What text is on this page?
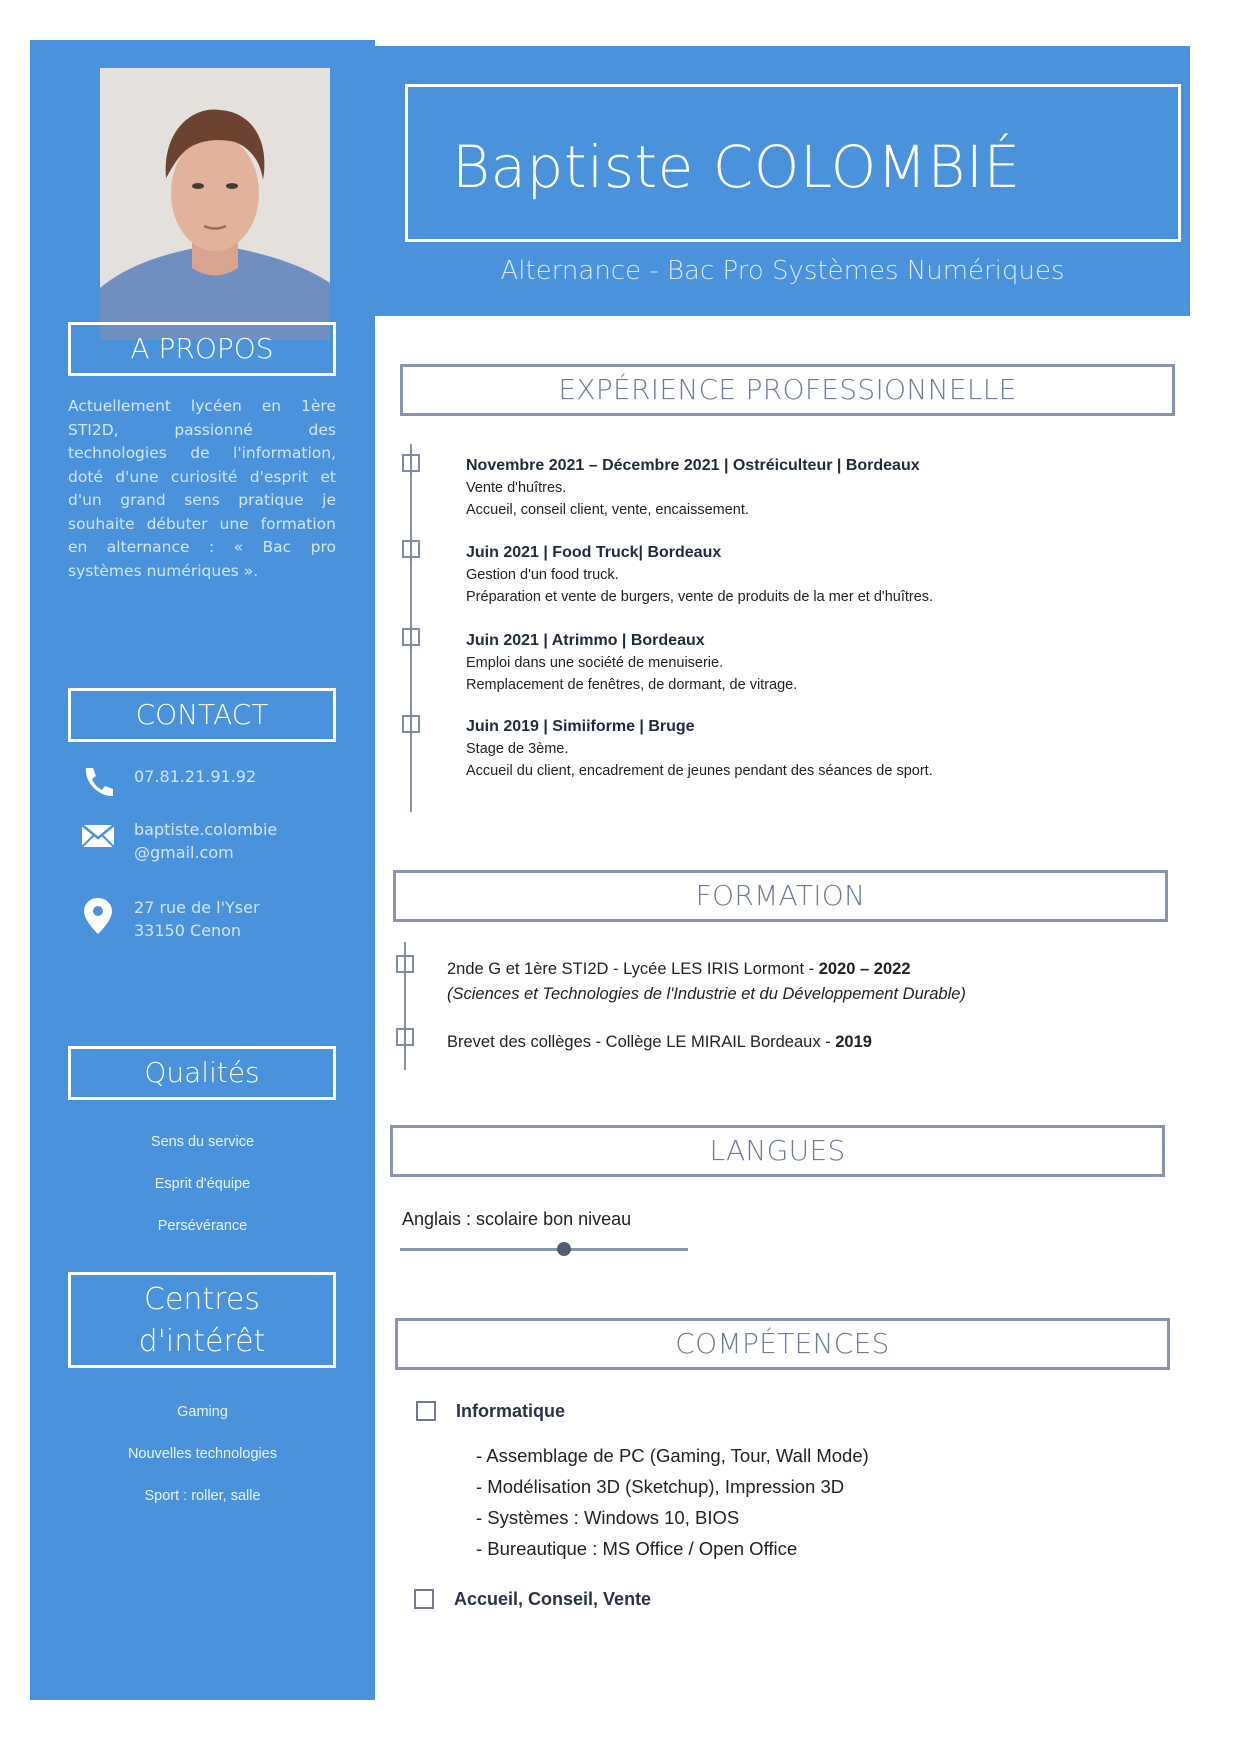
A PROPOS
Actuellement lycéen en 1ère STI2D, passionné des technologies de l'information, doté d'une curiosité d'esprit et d'un grand sens pratique je souhaite débuter une formation en alternance : « Bac pro systèmes numériques ».
CONTACT
07.81.21.91.92
baptiste.colombie
@gmail.com
27 rue de l'Yser
33150 Cenon
Qualités
Sens du service
Esprit d'équipe
Persévérance
Centres
d'intérêt
Gaming
Nouvelles technologies
Sport : roller, salle
Baptiste COLOMBIÉ
Alternance - Bac Pro Systèmes Numériques
EXPÉRIENCE PROFESSIONNELLE
Novembre 2021 – Décembre 2021 | Ostréiculteur | Bordeaux
Vente d'huîtres.
Accueil, conseil client, vente, encaissement.
Juin 2021 | Food Truck| Bordeaux
Gestion d'un food truck.
Préparation et vente de burgers, vente de produits de la mer et d'huîtres.
Juin 2021 | Atrimmo | Bordeaux
Emploi dans une société de menuiserie.
Remplacement de fenêtres, de dormant, de vitrage.
Juin 2019 | Simiiforme | Bruge
Stage de 3ème.
Accueil du client, encadrement de jeunes pendant des séances de sport.
FORMATION
2nde G et 1ère STI2D - Lycée LES IRIS Lormont - 2020 – 2022
(Sciences et Technologies de l'Industrie et du Développement Durable)
Brevet des collèges - Collège LE MIRAIL Bordeaux - 2019
LANGUES
Anglais : scolaire bon niveau
COMPÉTENCES
Informatique
- Assemblage de PC (Gaming, Tour, Wall Mode)
- Modélisation 3D (Sketchup), Impression 3D
- Systèmes : Windows 10, BIOS
- Bureautique : MS Office / Open Office
Accueil, Conseil, Vente
